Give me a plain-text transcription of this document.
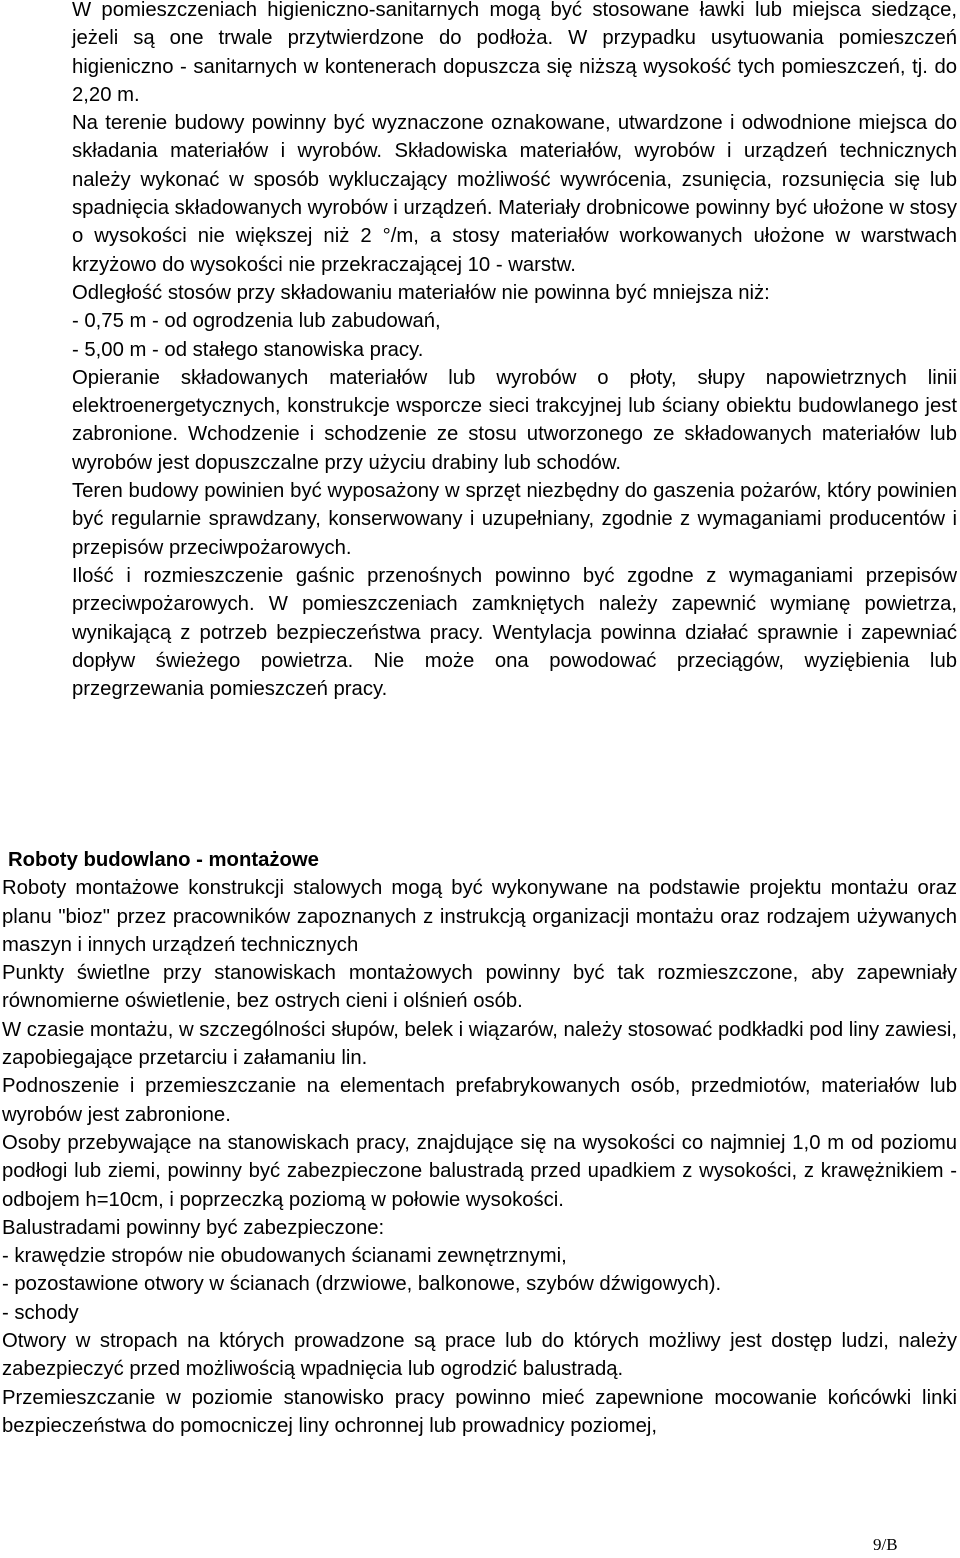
W pomieszczeniach higieniczno-sanitarnych mogą być stosowane ławki lub miejsca siedzące, jeżeli są one trwale przytwierdzone do podłoża. W przypadku usytuowania pomieszczeń higieniczno - sanitarnych w kontenerach dopuszcza się niższą wysokość tych pomieszczeń, tj. do 2,20 m.

Na terenie budowy powinny być wyznaczone oznakowane, utwardzone i odwodnione miejsca do składania materiałów i wyrobów. Składowiska materiałów, wyrobów i urządzeń technicznych należy wykonać w sposób wykluczający możliwość wywrócenia, zsunięcia, rozsunięcia się lub spadnięcia składowanych wyrobów i urządzeń. Materiały drobnicowe powinny być ułożone w stosy o wysokości nie większej niż 2 °/m, a stosy materiałów workowanych ułożone w warstwach krzyżowo do wysokości nie przekraczającej 10 - warstw.

Odległość stosów przy składowaniu materiałów nie powinna być mniejsza niż:

- 0,75 m - od ogrodzenia lub zabudowań,

- 5,00 m - od stałego stanowiska pracy.

Opieranie składowanych materiałów lub wyrobów o płoty, słupy napowietrznych linii elektroenergetycznych, konstrukcje wsporcze sieci trakcyjnej lub ściany obiektu budowlanego jest zabronione. Wchodzenie i schodzenie ze stosu utworzonego ze składowanych materiałów lub wyrobów jest dopuszczalne przy użyciu drabiny lub schodów.

Teren budowy powinien być wyposażony w sprzęt niezbędny do gaszenia pożarów, który powinien być regularnie sprawdzany, konserwowany i uzupełniany, zgodnie z wymaganiami producentów i przepisów przeciwpożarowych.

Ilość i rozmieszczenie gaśnic przenośnych powinno być zgodne z wymaganiami przepisów przeciwpożarowych. W pomieszczeniach zamkniętych należy zapewnić wymianę powietrza, wynikającą z potrzeb bezpieczeństwa pracy. Wentylacja powinna działać sprawnie i zapewniać dopływ świeżego powietrza. Nie może ona powodować przeciągów, wyziębienia lub przegrzewania pomieszczeń pracy.

Roboty budowlano - montażowe

Roboty montażowe konstrukcji stalowych mogą być wykonywane na podstawie projektu montażu oraz planu "bioz" przez pracowników zapoznanych z instrukcją organizacji montażu oraz rodzajem używanych maszyn i innych urządzeń technicznych

Punkty świetlne przy stanowiskach montażowych powinny być tak rozmieszczone, aby zapewniały równomierne oświetlenie, bez ostrych cieni i olśnień osób.

W czasie montażu, w szczególności słupów, belek i wiązarów, należy stosować podkładki pod liny zawiesi, zapobiegające przetarciu i załamaniu lin.

Podnoszenie i przemieszczanie na elementach prefabrykowanych osób, przedmiotów, materiałów lub wyrobów jest zabronione.

Osoby przebywające na stanowiskach pracy, znajdujące się na wysokości co najmniej 1,0 m od poziomu podłogi lub ziemi, powinny być zabezpieczone balustradą przed upadkiem z wysokości, z krawężnikiem - odbojem h=10cm, i poprzeczką poziomą w połowie wysokości.

Balustradami powinny być zabezpieczone:

- krawędzie stropów nie obudowanych ścianami zewnętrznymi,

- pozostawione otwory w ścianach (drzwiowe, balkonowe, szybów dźwigowych).

- schody

Otwory w stropach na których prowadzone są prace lub do których możliwy jest dostęp ludzi, należy zabezpieczyć przed możliwością wpadnięcia lub ogrodzić balustradą.

Przemieszczanie w poziomie stanowisko pracy powinno mieć zapewnione mocowanie końcówki linki bezpieczeństwa do pomocniczej liny ochronnej lub prowadnicy poziomej,

9/B
